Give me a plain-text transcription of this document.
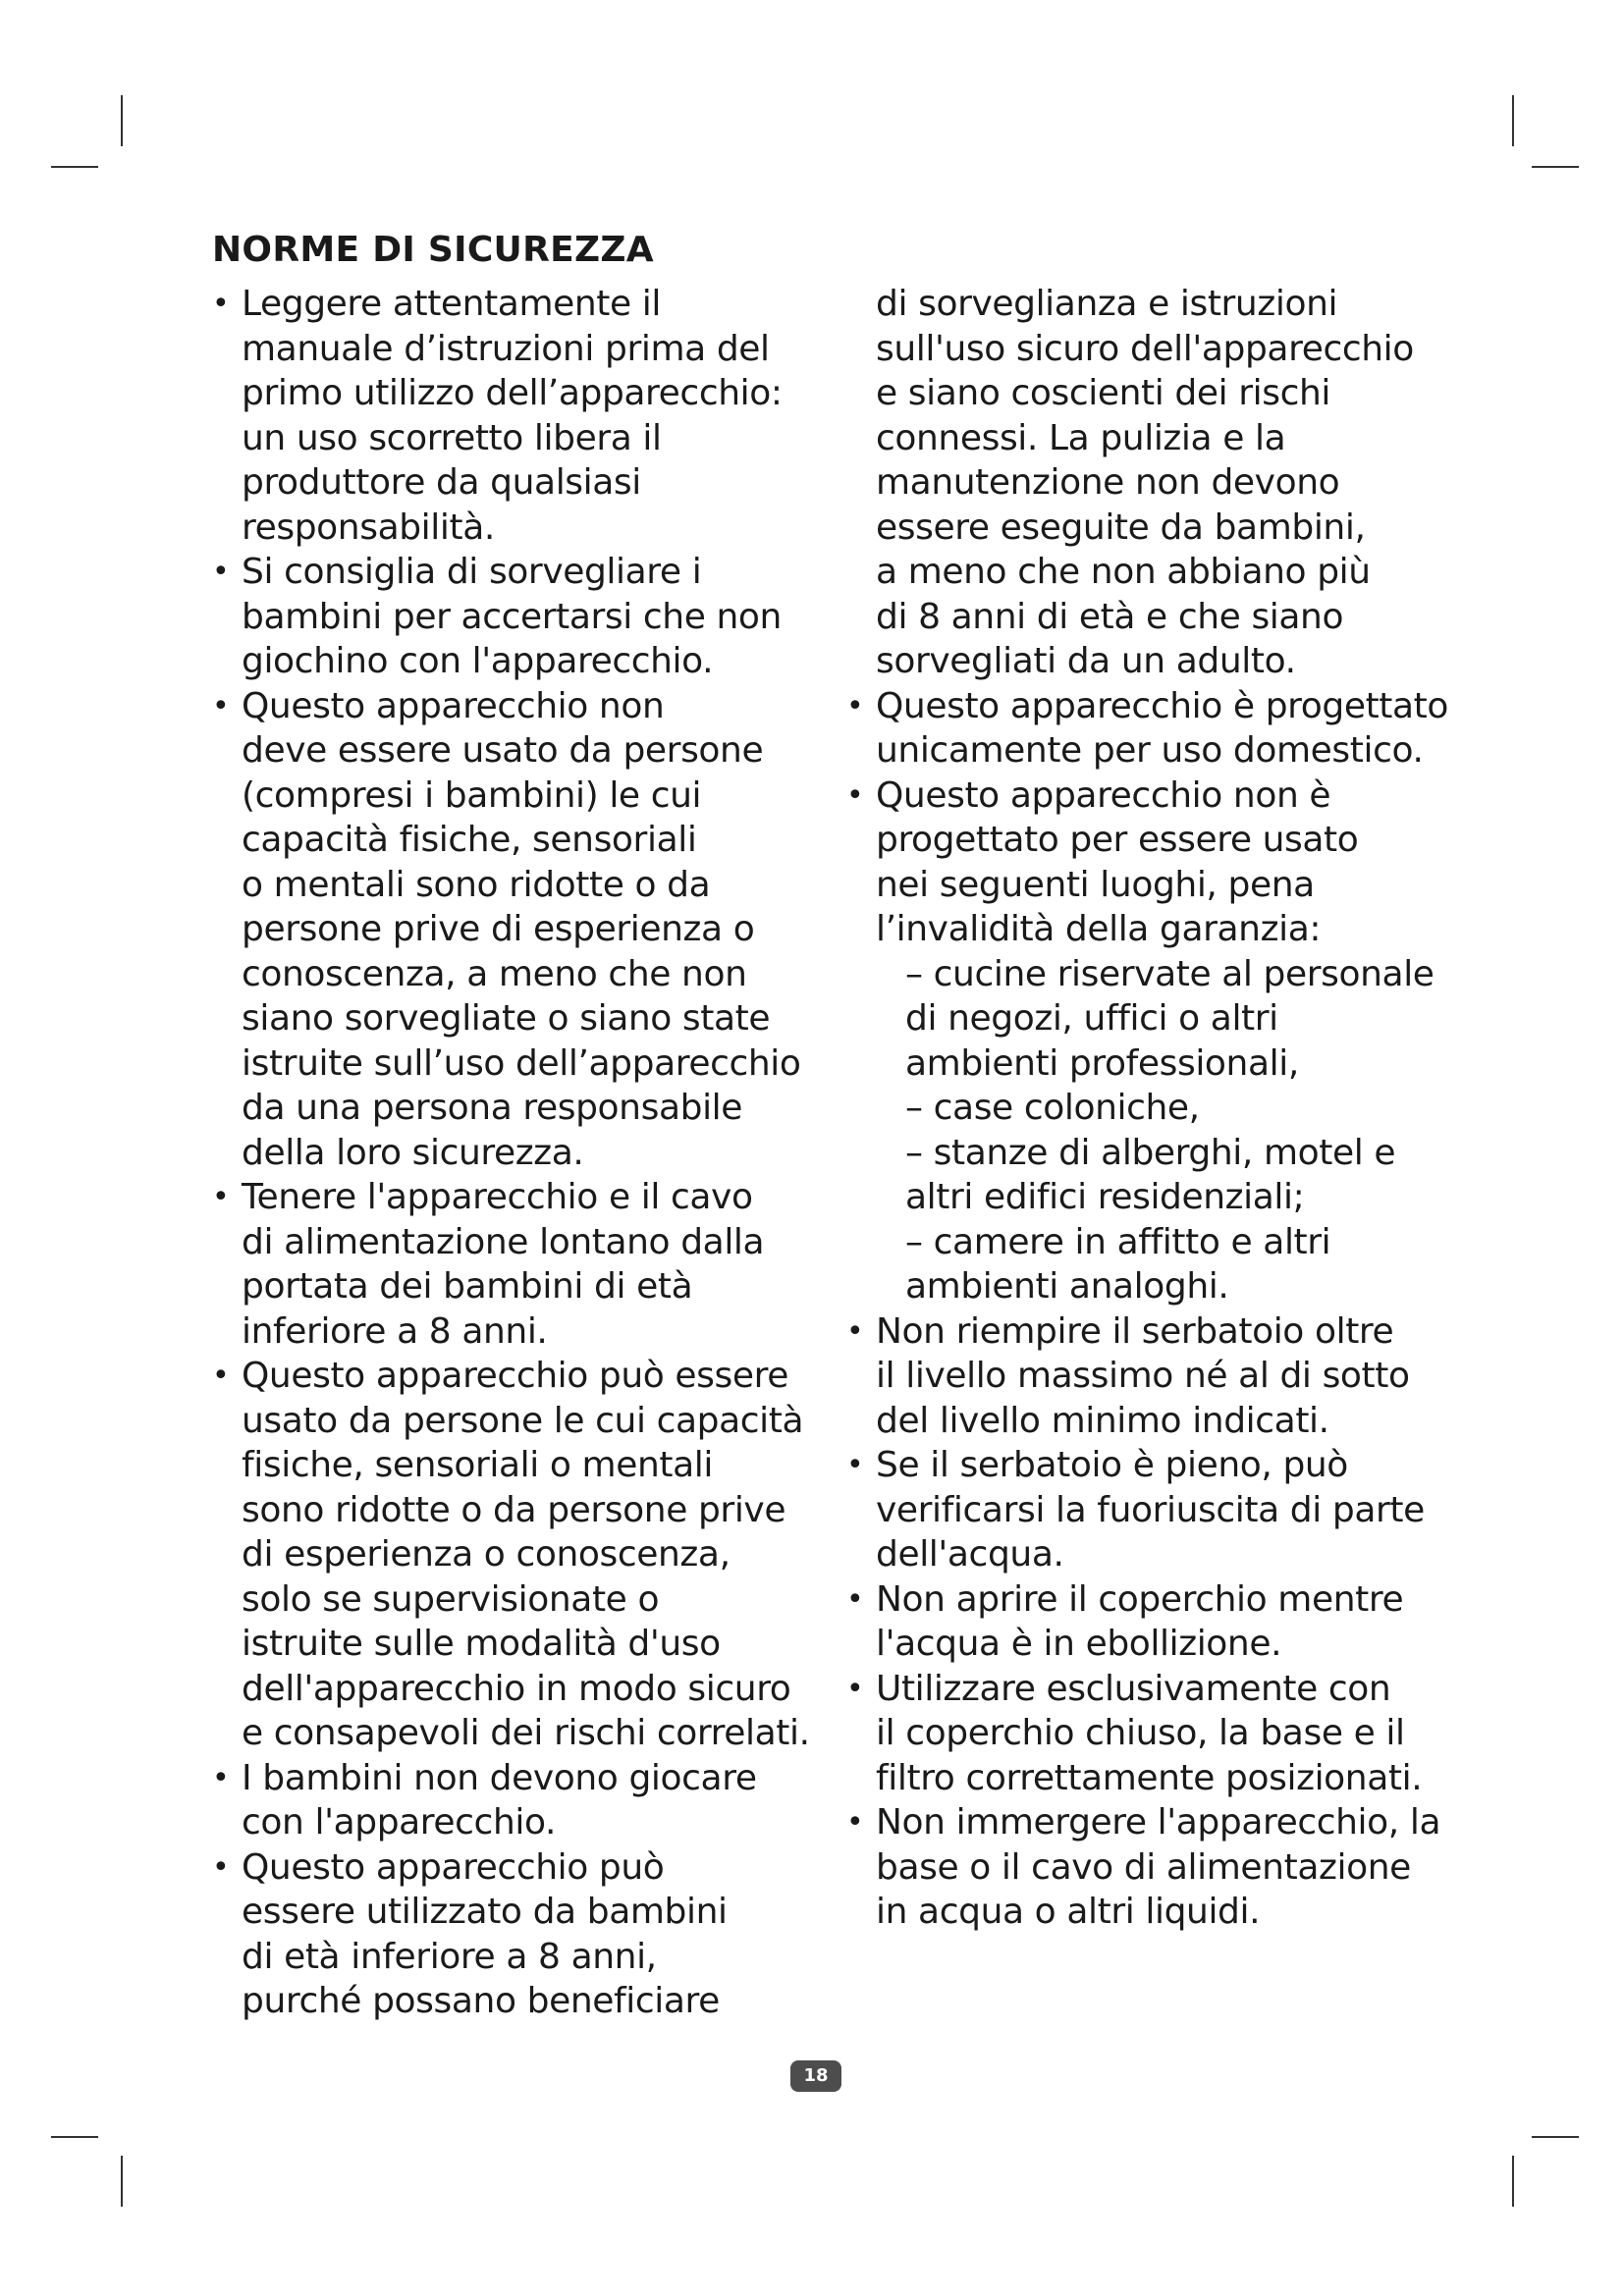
NORME DI SICUREZZA

• Leggere attentamente il

manuale d’istruzioni prima del

primo utilizzo dell’apparecchio:

un uso scorretto libera il

produttore da qualsiasi

responsabilità.

• Si consiglia di sorvegliare i

bambini per accertarsi che non

giochino con l'apparecchio.

• Questo apparecchio non

deve essere usato da persone

(compresi i bambini) le cui

capacità fisiche, sensoriali

o mentali sono ridotte o da

persone prive di esperienza o

conoscenza, a meno che non

siano sorvegliate o siano state

istruite sull’uso dell’apparecchio

da una persona responsabile

della loro sicurezza.

• Tenere l'apparecchio e il cavo

di alimentazione lontano dalla

portata dei bambini di età

inferiore a 8 anni.

• Questo apparecchio può essere

usato da persone le cui capacità

fisiche, sensoriali o mentali

sono ridotte o da persone prive

di esperienza o conoscenza,

solo se supervisionate o

istruite sulle modalità d'uso

dell'apparecchio in modo sicuro

e consapevoli dei rischi correlati.

• I bambini non devono giocare

con l'apparecchio.

• Questo apparecchio può

essere utilizzato da bambini

di età inferiore a 8 anni,

purché possano beneficiare

di sorveglianza e istruzioni

sull'uso sicuro dell'apparecchio

e siano coscienti dei rischi

connessi. La pulizia e la

manutenzione non devono

essere eseguite da bambini,

a meno che non abbiano più

di 8 anni di età e che siano

sorvegliati da un adulto.

• Questo apparecchio è progettato

unicamente per uso domestico.

• Questo apparecchio non è

progettato per essere usato

nei seguenti luoghi, pena

l’invalidità della garanzia:

– cucine riservate al personale

di negozi, uffici o altri

ambienti professionali,

– case coloniche,

– stanze di alberghi, motel e

altri edifici residenziali;

– camere in affitto e altri

ambienti analoghi.

• Non riempire il serbatoio oltre

il livello massimo né al di sotto

del livello minimo indicati.

• Se il serbatoio è pieno, può

verificarsi la fuoriuscita di parte

dell'acqua.

• Non aprire il coperchio mentre

l'acqua è in ebollizione.

• Utilizzare esclusivamente con

il coperchio chiuso, la base e il

filtro correttamente posizionati.

• Non immergere l'apparecchio, la

base o il cavo di alimentazione

in acqua o altri liquidi.

18
